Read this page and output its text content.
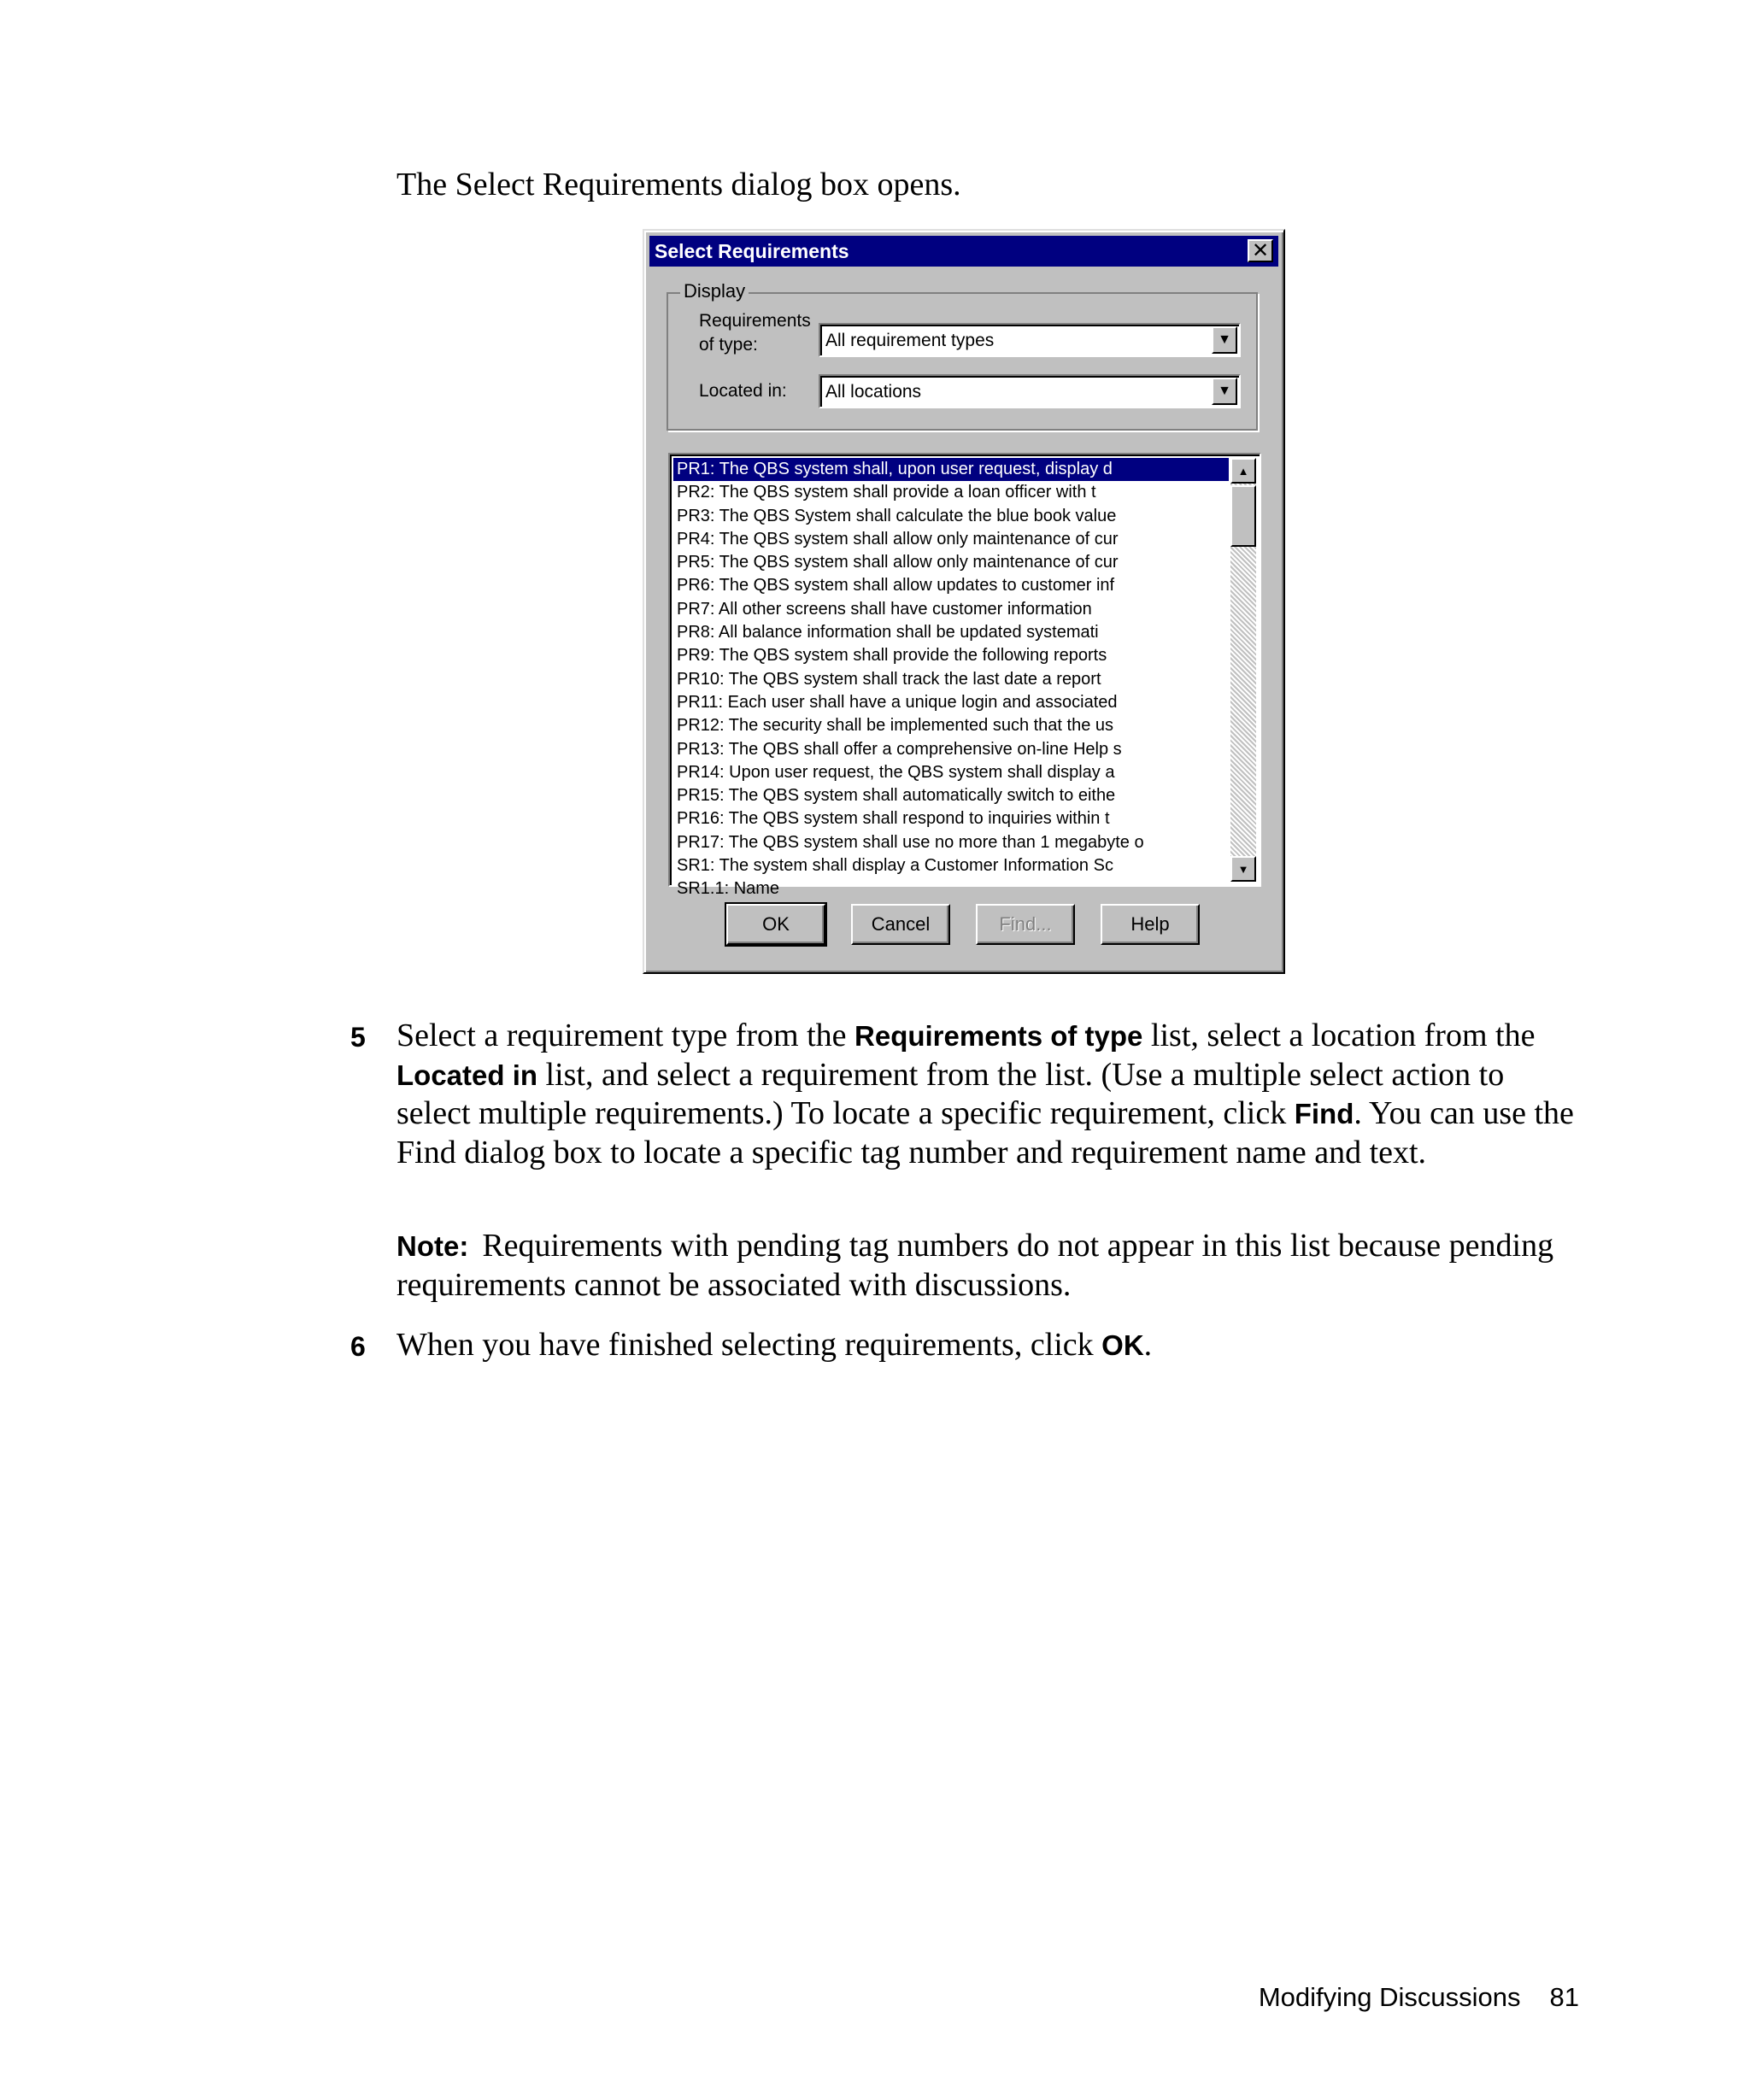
The Select Requirements dialog box opens.

Select Requirements	✕
Display
Requirements
of type:	All requirement types	▼
Located in: All locations	▼
PR1: The QBS system shall, upon user request, display d
PR2: The QBS system shall provide a loan officer with t
PR3: The QBS System shall calculate the blue book value
PR4: The QBS system shall allow only maintenance of cur
PR5: The QBS system shall allow only maintenance of cur
PR6: The QBS system shall allow updates to customer inf
PR7: All other screens shall have customer information
PR8: All balance information shall be updated systemati
PR9: The QBS system shall provide the following reports
PR10: The QBS system shall track the last date a report
PR11: Each user shall have a unique login and associated
PR12: The security shall be implemented such that the us
PR13: The QBS shall offer a comprehensive on-line Help s
PR14: Upon user request, the QBS system shall display a
PR15: The QBS system shall automatically switch to eithe
PR16: The QBS system shall respond to inquiries within t
PR17: The QBS system shall use no more than 1 megabyte o
SR1: The system shall display a Customer Information Sc
SR1.1: Name
▲
▼
OK	Cancel	Find...	Help
5 Select a requirement type from the Requirements of type list, select a location from the Located in list, and select a requirement from the list. (Use a multiple select action to select multiple requirements.) To locate a specific requirement, click Find. You can use the Find dialog box to locate a specific tag number and requirement name and text.
Note: Requirements with pending tag numbers do not appear in this list because pending requirements cannot be associated with discussions.
6 When you have finished selecting requirements, click OK.
Modifying Discussions 81
